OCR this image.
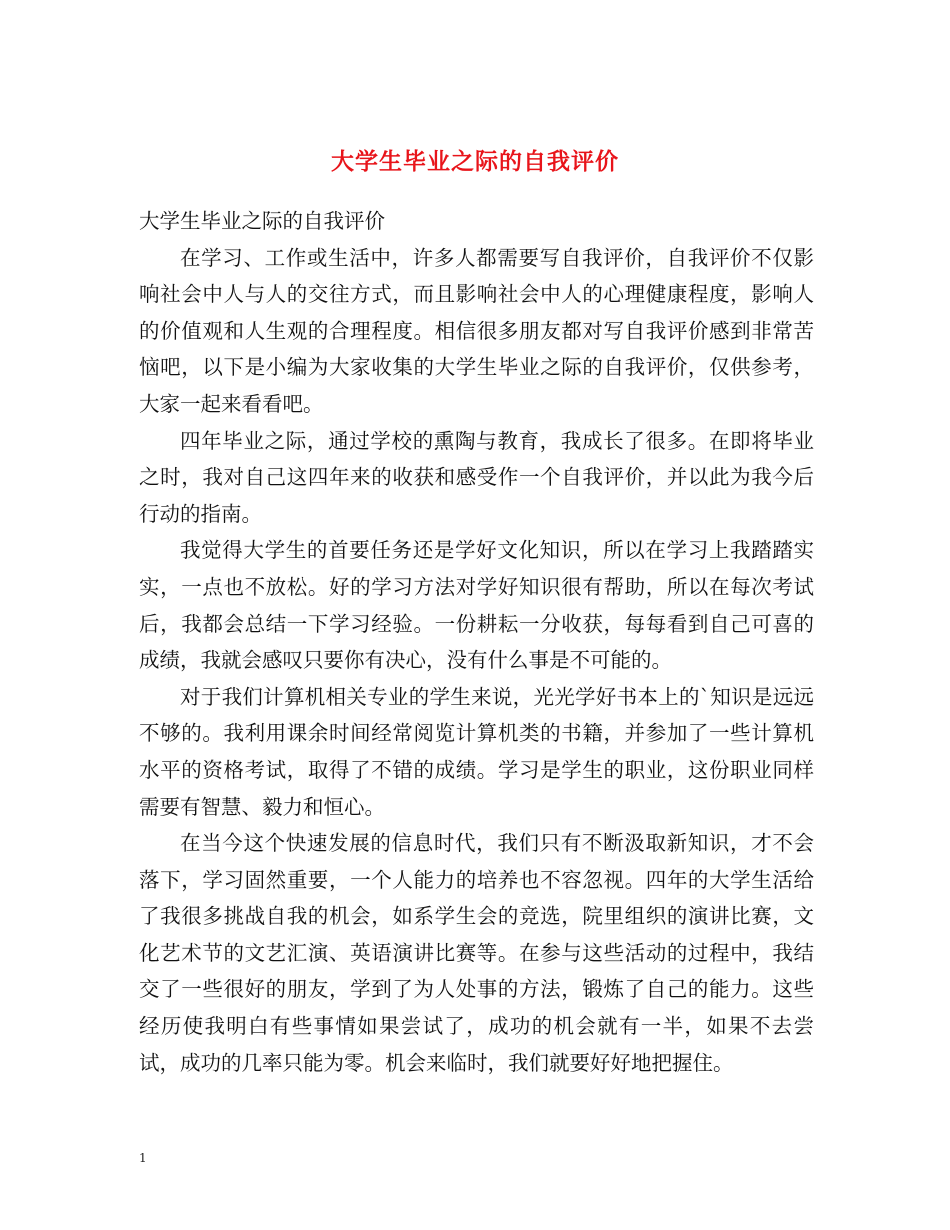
大学生毕业之际的自我评价

大学生毕业之际的自我评价

在学习、工作或生活中，许多人都需要写自我评价，自我评价不仅影响社会中人与人的交往方式，而且影响社会中人的心理健康程度，影响人的价值观和人生观的合理程度。相信很多朋友都对写自我评价感到非常苦恼吧，以下是小编为大家收集的大学生毕业之际的自我评价，仅供参考，大家一起来看看吧。

四年毕业之际，通过学校的熏陶与教育，我成长了很多。在即将毕业之时，我对自己这四年来的收获和感受作一个自我评价，并以此为我今后行动的指南。

我觉得大学生的首要任务还是学好文化知识，所以在学习上我踏踏实实，一点也不放松。好的学习方法对学好知识很有帮助，所以在每次考试后，我都会总结一下学习经验。一份耕耘一分收获，每每看到自己可喜的成绩，我就会感叹只要你有决心，没有什么事是不可能的。

对于我们计算机相关专业的学生来说，光光学好书本上的`知识是远远不够的。我利用课余时间经常阅览计算机类的书籍，并参加了一些计算机水平的资格考试，取得了不错的成绩。学习是学生的职业，这份职业同样需要有智慧、毅力和恒心。

在当今这个快速发展的信息时代，我们只有不断汲取新知识，才不会落下，学习固然重要，一个人能力的培养也不容忽视。四年的大学生活给了我很多挑战自我的机会，如系学生会的竞选，院里组织的演讲比赛，文化艺术节的文艺汇演、英语演讲比赛等。在参与这些活动的过程中，我结交了一些很好的朋友，学到了为人处事的方法，锻炼了自己的能力。这些经历使我明白有些事情如果尝试了，成功的机会就有一半，如果不去尝试，成功的几率只能为零。机会来临时，我们就要好好地把握住。

1
